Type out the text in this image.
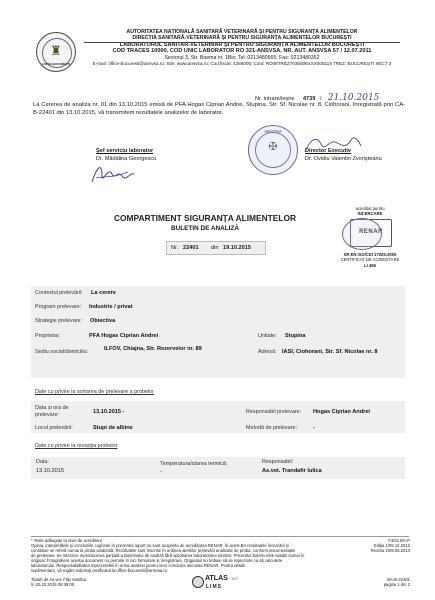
♜
LSVSA BUCUREȘTI
AUTORITATEA NAȚIONALĂ SANITARĂ VETERINARĂ ȘI PENTRU SIGURANȚA ALIMENTELOR
DIRECȚIA SANITARĂ-VETERINARĂ ȘI PENTRU SIGURANȚA ALIMENTELOR BUCUREȘTI
LABORATORUL SANITAR-VETERINAR ȘI PENTRU SIGURANȚA ALIMENTELOR BUCUREȘTI
COD TRACES 10000, COD UNIC LABORATOR RO 321-ANSVSA, NR. AUT. ANSVSA 57 / 12.07.2011
Sectorul 3, Str. Boema nr. 1Bis; Tel: 0213480565; Fax: 0213480352
E-mail: office-bucuresti@ansvsa.ro; Site: www.ansvsa.ro; Cod fiscal: 4266005; Cont: RO08TREZ7036006XXX000119 TREZ. BUCUREȘTI SECT 3
Nr. intrare/ieșire 4739 / 21.10.2015
La Cererea de analiza nr. 01 din 13.10.2015 emisă de PFA Hogas Ciprian Andrei, Stupina, Str. Sf. Nicolae nr. 8, Ciohorani, înregistrată prin CA-B-22401 din 13.10.2015, vă transmitem rezultatele analizelor de laborator.
Șef serviciu laborator
Dr. Mădălina Georgescu
✠
ANSVSA
Director Executiv
Dr. Ovidiu Valentin Zvorișteanu
COMPARTIMENT SIGURANȚA ALIMENTELOR
BULETIN DE ANALIZĂ
Nr. 22401 din 19.10.2015
acreditat pentru
INCERCARE
RENAR
SR EN ISO/CEI 17025:2005
CERTIFICAT DE ACREDITARE
LI 496
Contextul prelevării: La cerere
Program prelevare: Industrie / privat
Strategie prelevare: Obiectiva
Proprietar:	PFA Hogas Ciprian Andrei	Unitate: Stupina
Sediu social/domiciliu:	ILFOV, Chiajna, Str. Rezervelor nr. 89	Adresă: IASI, Ciohorani, Str. Sf. Nicolae nr. 8
Date cu privire la sortarea de prelevare a probelor
Data și ora de prelevare:	13.10.2015 -	Responsabil prelevare: Hogas Ciprian Andrei
Locul prelevării:	Stupi de albine	Metodă de prelevare:	-
Date cu privire la recepția probelor
Data:
13.10.2015
Temperatura/starea termică:
-
Responsabil:
As.vet. Trandafir Iulica
* Teste adăugate la nivel de acreditare
Opinia, interpretările și concluziile cuprinse în prezentul raport nu sunt acoperite de acreditarea RENAR. În acest BA rezultatele încercării și
constituie se referă numai la proba analizată. Rezultatele sunt înscrise în ordinea alertiilor prelevării analizate de proba, conform documentației
de prelevare. Se interzice reproducerea parțială a Buletinului de analiză fără aprobarea laboratorului emitent. Prezentul buletin este valabil numai în
original. Fotografiere acestui document nu permite în nici formulare și înregistrare. Originalul nu trebuie să se reprezinte ca să calculeze
laboratorului. Responsabilitatea reprezentării în urma analizei pentru vreo concluzie ascunsa RENAR. Pentru detalii
suplimentare, vă rugăm solicitați certificatul la office-bucuresti@ansvsa.ro
F4/01 BA-P
Ediția 1/05.12.2012
Revizia 2/09.05.2014
Tiparit de As.vet. Filip Vasilica
în 20.10.2015 09:39:00
ATLAS ied
LIMS
BA-B-22401
pagina 1 din 2
